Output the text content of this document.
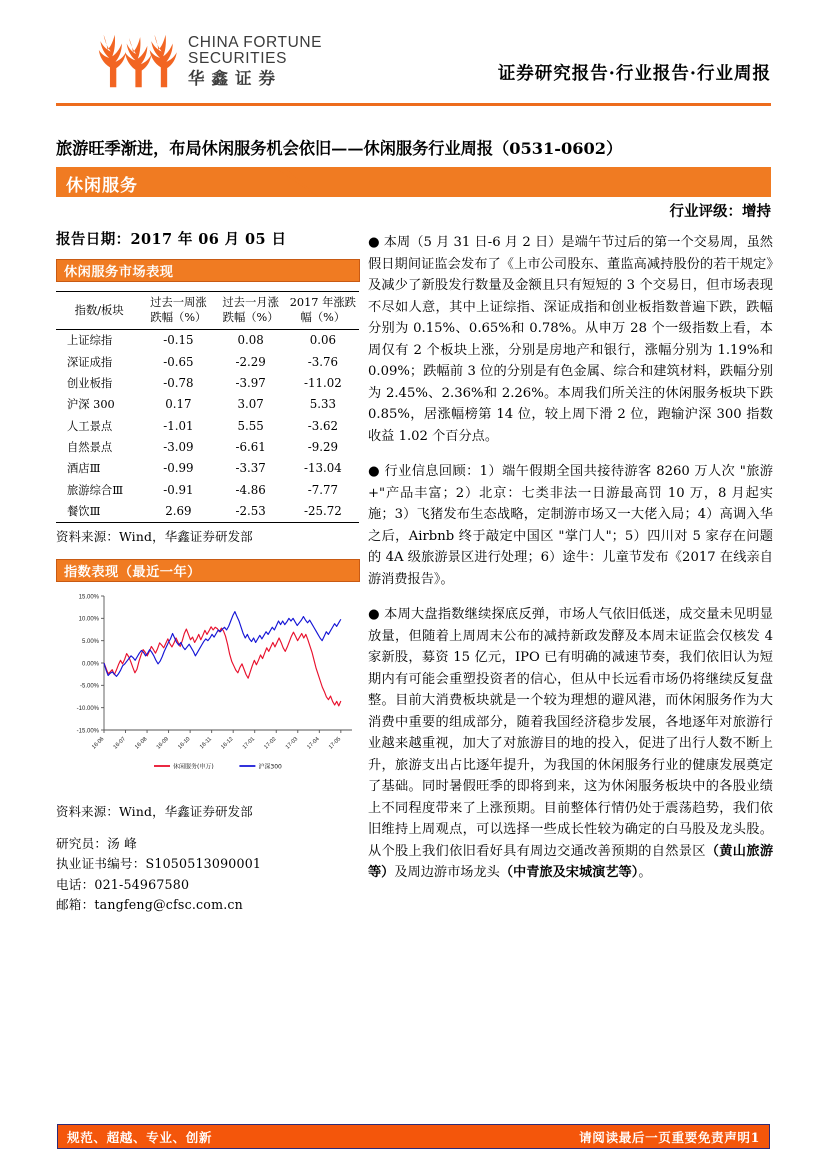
CHINA FORTUNE
SECURITIES
华鑫证券	证券研究报告·行业报告·行业周报
旅游旺季渐进，布局休闲服务机会依旧——休闲服务行业周报（0531-0602）
休闲服务
行业评级：增持
报告日期：2017 年 06 月 05 日
休闲服务市场表现
指数/板块

过去一周涨
跌幅（%）

过去一月涨
跌幅（%）

2017 年涨跌
幅（%）

上证综指	-0.15	0.08	0.06
深证成指	-0.65	-2.29	-3.76
创业板指	-0.78	-3.97	-11.02
沪深 300	0.17	3.07	5.33
人工景点	-1.01	5.55	-3.62
自然景点	-3.09	-6.61	-9.29
酒店Ⅲ	-0.99	-3.37	-13.04
旅游综合Ⅲ	-0.91	-4.86	-7.77
餐饮Ⅲ	2.69	-2.53	-25.72
资料来源：Wind，华鑫证券研发部
指数表现（最近一年）
15.00%
10.00%
5.00%
0.00%
-5.00%
-10.00%
-15.00%
16-06 16-07 16-08 16-09 16-10 16-11 16-12 17-01 17-02 17-03 17-04 17-05
休闲服务(申万)	沪深300
资料来源：Wind，华鑫证券研发部
研究员：汤 峰
执业证书编号：S1050513090001
电话：021-54967580
邮箱：tangfeng@cfsc.com.cn

● 本周（5 月 31 日-6 月 2 日）是端午节过后的第一个交易周，虽然假日期间证监会发布了《上市公司股东、董监高减持股份的若干规定》及减少了新股发行数量及金额且只有短短的 3 个交易日，但市场表现不尽如人意，其中上证综指、深证成指和创业板指数普遍下跌，跌幅分别为 0.15%、0.65%和 0.78%。从申万 28 个一级指数上看，本周仅有 2 个板块上涨，分别是房地产和银行，涨幅分别为 1.19%和 0.09%；跌幅前 3 位的分别是有色金属、综合和建筑材料，跌幅分别为 2.45%、2.36%和 2.26%。本周我们所关注的休闲服务板块下跌 0.85%，居涨幅榜第 14 位，较上周下滑 2 位，跑输沪深 300 指数收益 1.02 个百分点。

● 行业信息回顾：1）端午假期全国共接待游客 8260 万人次 "旅游+"产品丰富；2）北京：七类非法一日游最高罚 10 万，8 月起实施；3）飞猪发布生态战略，定制游市场又一大佬入局；4）高调入华之后，Airbnb 终于敲定中国区 "掌门人"；5）四川对 5 家存在问题的 4A 级旅游景区进行处理；6）途牛：儿童节发布《2017 在线亲自游消费报告》。

● 本周大盘指数继续探底反弹，市场人气依旧低迷，成交量未见明显放量，但随着上周周末公布的减持新政发酵及本周末证监会仅核发 4 家新股，募资 15 亿元，IPO 已有明确的减速节奏，我们依旧认为短期内有可能会重塑投资者的信心，但从中长远看市场仍将继续反复盘整。目前大消费板块就是一个较为理想的避风港，而休闲服务作为大消费中重要的组成部分，随着我国经济稳步发展，各地逐年对旅游行业越来越重视，加大了对旅游目的地的投入，促进了出行人数不断上升，旅游支出占比逐年提升，为我国的休闲服务行业的健康发展奠定了基础。同时暑假旺季的即将到来，这为休闲服务板块中的各股业绩上不同程度带来了上涨预期。目前整体行情仍处于震荡趋势，我们依旧维持上周观点，可以选择一些成长性较为确定的白马股及龙头股。从个股上我们依旧看好具有周边交通改善预期的自然景区（黄山旅游等）及周边游市场龙头（中青旅及宋城演艺等）。

规范、超越、专业、创新	请阅读最后一页重要免责声明1
